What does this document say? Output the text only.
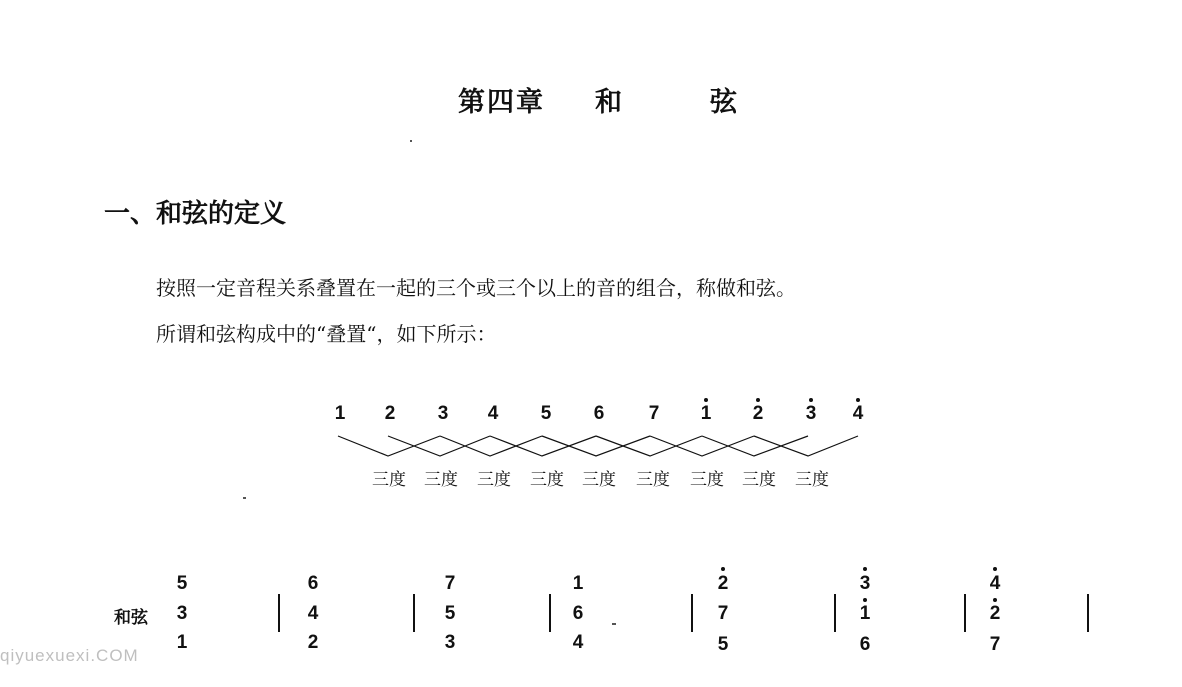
第四章 和	弦
一、和弦的定义
按照一定音程关系叠置在一起的三个或三个以上的音的组合，称做和弦。
所谓和弦构成中的“叠置“，如下所示：
1 2 3 4 5 6 7 1 2 3 4
三度 三度 三度 三度 三度 三度 三度 三度 三度
和弦
5
3
1
6
4
2
7
5
3
1
6
4
2
7
5
3
1
6
4
2
7
qiyuexuexi.COM
